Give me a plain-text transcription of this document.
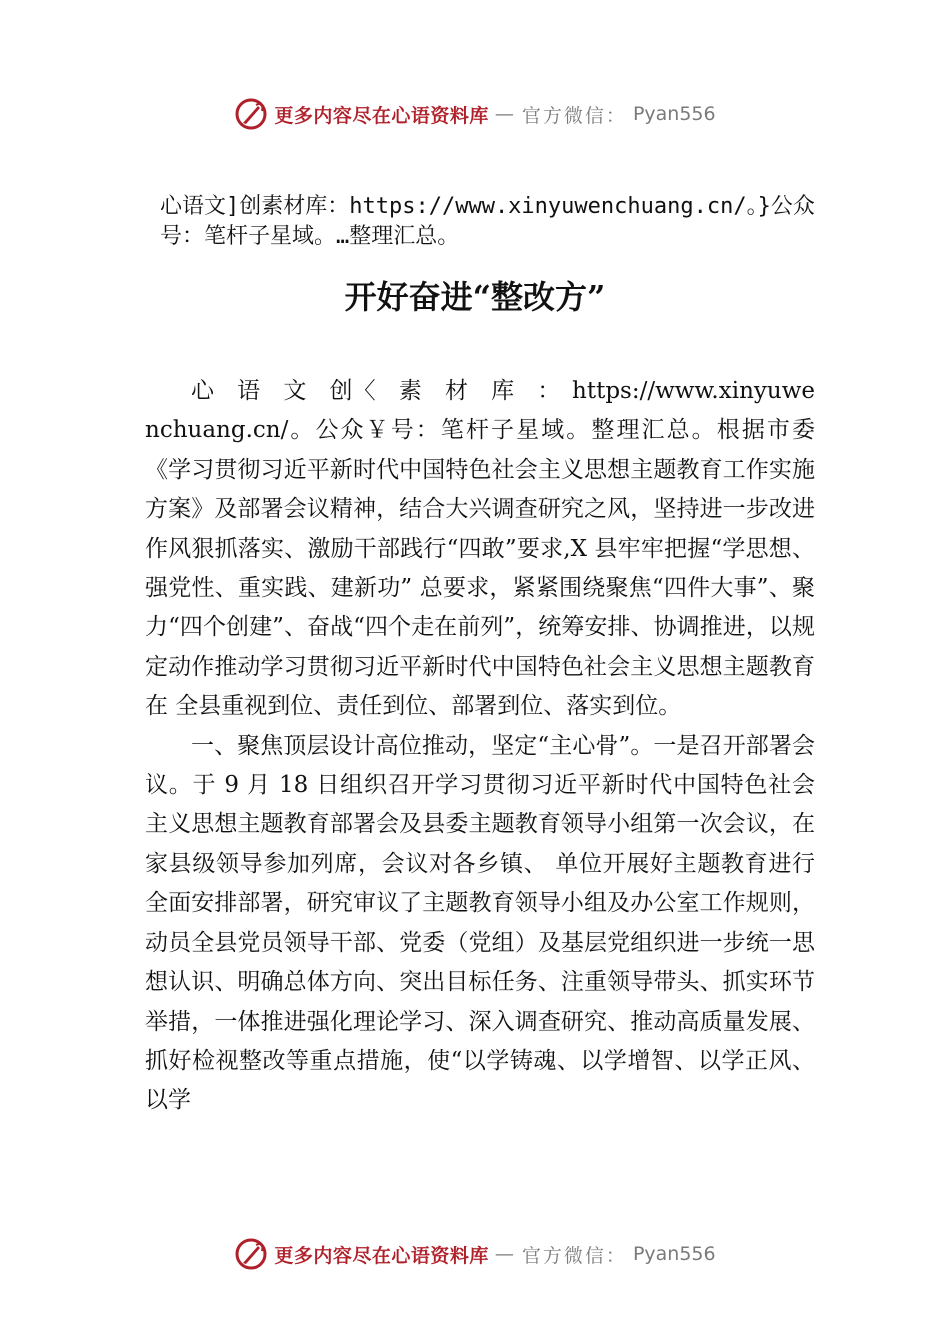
更多内容尽在心语资料库 — 官方微信： Pyan556
心语文]创素材库：https://www.xinyuwenchuang.cn/。}公众号：笔杆子星域。…整理汇总。
开好奋进“整改方”

心　语　文　创〈　素　材　库　：　https://www.xinyuwenchuang.cn/。公众￥号：笔杆子星域。整理汇总。根据市委《学习贯彻习近平新时代中国特色社会主义思想主题教育工作实施方案》及部署会议精神，结合大兴调查研究之风，坚持进一步改进作风狠抓落实、激励干部践行“四敢”要求,X 县牢牢把握“学思想、强党性、重实践、建新功” 总要求，紧紧围绕聚焦“四件大事”、聚力“四个创建”、奋战“四个走在前列”，统筹安排、协调推进，以规定动作推动学习贯彻习近平新时代中国特色社会主义思想主题教育在 全县重视到位、责任到位、部署到位、落实到位。

一、聚焦顶层设计高位推动，坚定“主心骨”。一是召开部署会议。于 9 月 18 日组织召开学习贯彻习近平新时代中国特色社会主义思想主题教育部署会及县委主题教育领导小组第一次会议，在家县级领导参加列席，会议对各乡镇、 单位开展好主题教育进行全面安排部署，研究审议了主题教育领导小组及办公室工作规则，动员全县党员领导干部、党委（党组）及基层党组织进一步统一思想认识、明确总体方向、突出目标任务、注重领导带头、抓实环节举措，一体推进强化理论学习、深入调查研究、推动高质量发展、抓好检视整改等重点措施，使“以学铸魂、以学增智、以学正风、 以学

更多内容尽在心语资料库 — 官方微信： Pyan556
